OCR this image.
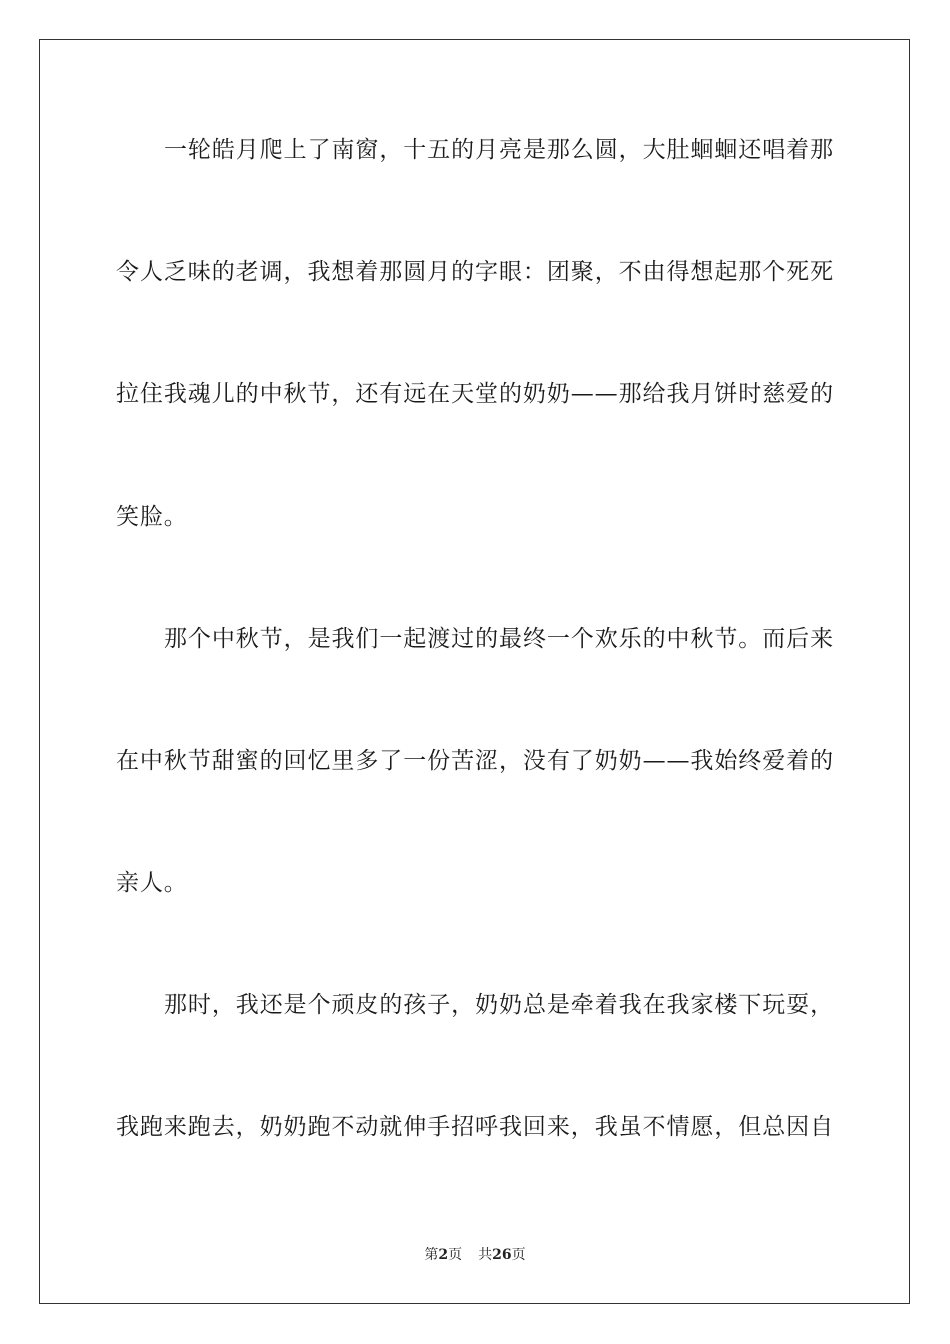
一轮皓月爬上了南窗，十五的月亮是那么圆，大肚蛔蛔还唱着那
令人乏味的老调，我想着那圆月的字眼：团聚，不由得想起那个死死
拉住我魂儿的中秋节，还有远在天堂的奶奶——那给我月饼时慈爱的
笑脸。
那个中秋节，是我们一起渡过的最终一个欢乐的中秋节。而后来
在中秋节甜蜜的回忆里多了一份苦涩，没有了奶奶——我始终爱着的
亲人。
那时，我还是个顽皮的孩子，奶奶总是牵着我在我家楼下玩耍，
我跑来跑去，奶奶跑不动就伸手招呼我回来，我虽不情愿，但总因自
第2页 共26页
